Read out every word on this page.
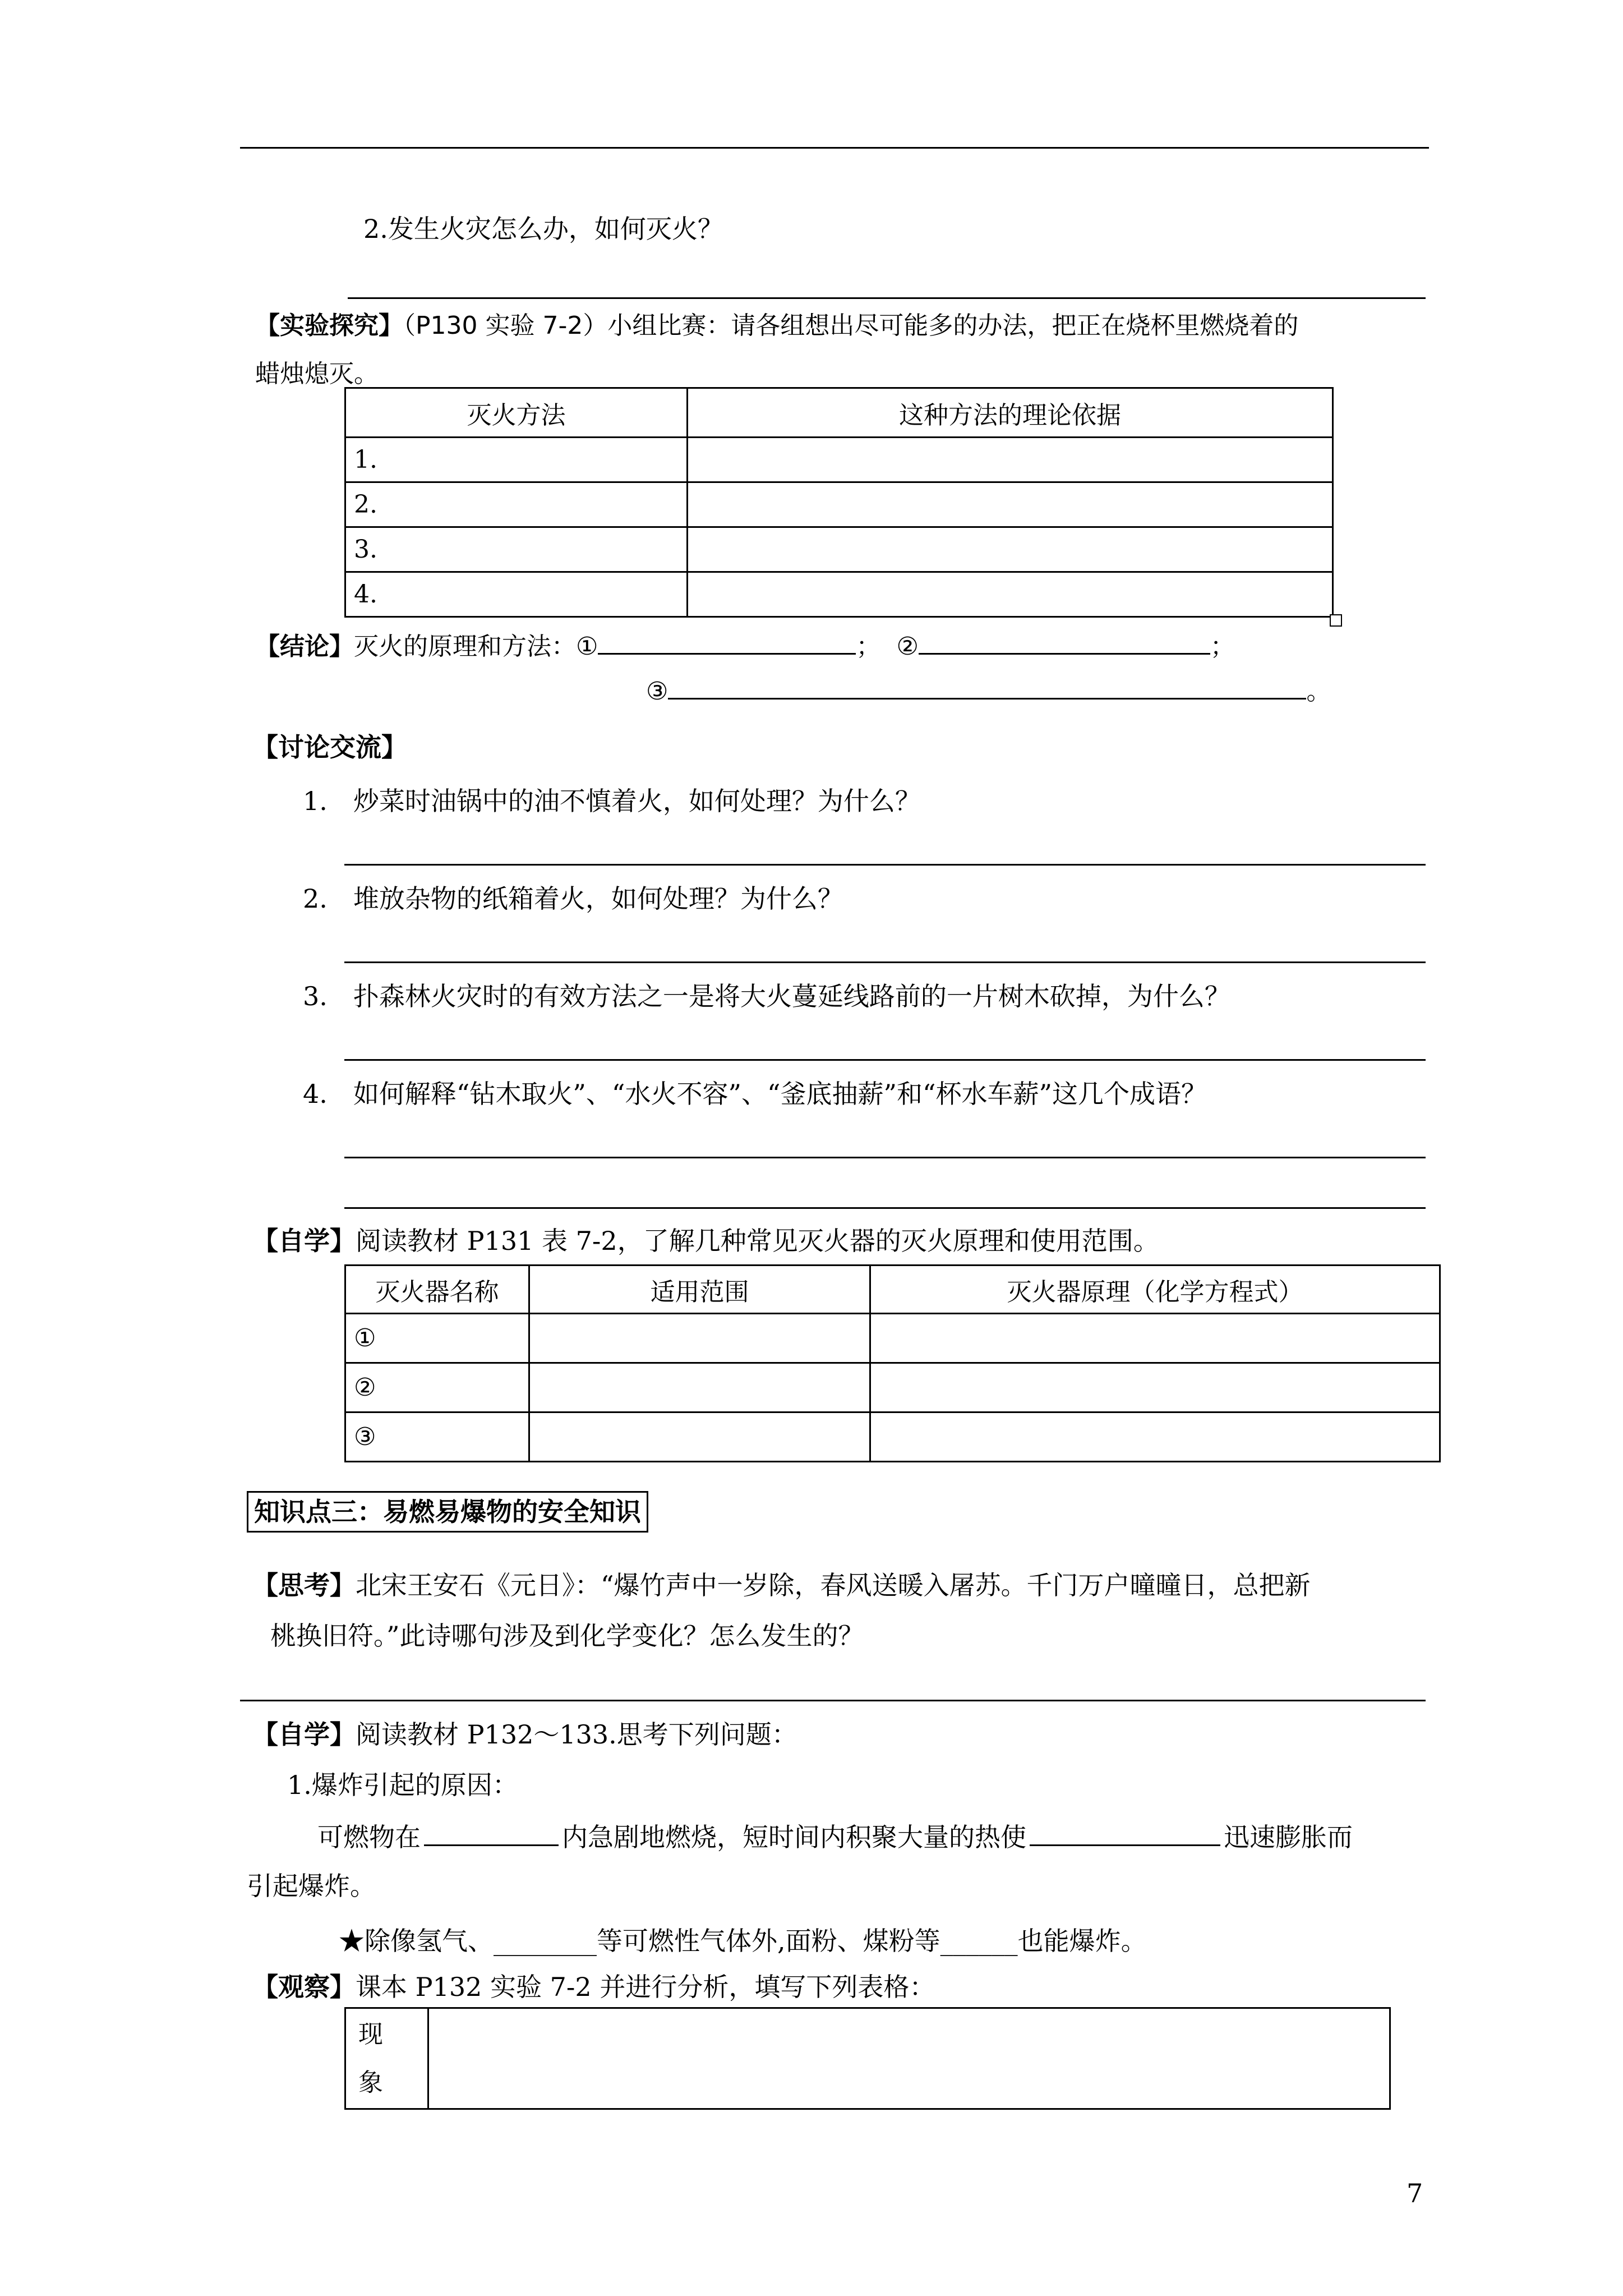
2.发生火灾怎么办，如何灭火？
【实验探究】（P130 实验 7-2）小组比赛：请各组想出尽可能多的办法，把正在烧杯里燃烧着的
蜡烛熄灭。
灭火方法	这种方法的理论依据
1.	
2.	
3.	
4.	
【结论】灭火的原理和方法：①	； ②	；
③	。
【讨论交流】
1. 炒菜时油锅中的油不慎着火，如何处理？为什么？
2. 堆放杂物的纸箱着火，如何处理？为什么？
3. 扑森林火灾时的有效方法之一是将大火蔓延线路前的一片树木砍掉，为什么？
4. 如何解释“钻木取火”、“水火不容”、“釜底抽薪”和“杯水车薪”这几个成语？
【自学】阅读教材 P131 表 7-2，了解几种常见灭火器的灭火原理和使用范围。
灭火器名称	适用范围	灭火器原理（化学方程式）
①		
②		
③		
知识点三：易燃易爆物的安全知识
【思考】北宋王安石《元日》：“爆竹声中一岁除，春风送暖入屠苏。千门万户曈曈日，总把新
桃换旧符。”此诗哪句涉及到化学变化？怎么发生的？
【自学】阅读教材 P132～133.思考下列问题：
1.爆炸引起的原因：
可燃物在	内急剧地燃烧，短时间内积聚大量的热使	迅速膨胀而
引起爆炸。
★除像氢气、________等可燃性气体外,面粉、煤粉等______也能爆炸。
【观察】课本 P132 实验 7-2 并进行分析，填写下列表格：
现
象	
7
